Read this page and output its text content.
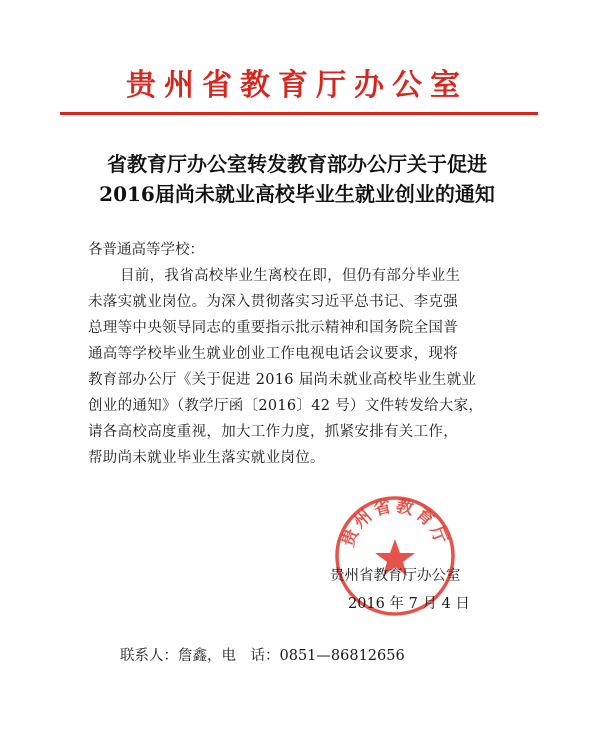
贵州省教育厅办公室
省教育厅办公室转发教育部办公厅关于促进
2016届尚未就业高校毕业生就业创业的通知
各普通高等学校：
目前，我省高校毕业生离校在即，但仍有部分毕业生
未落实就业岗位。为深入贯彻落实习近平总书记、李克强
总理等中央领导同志的重要指示批示精神和国务院全国普
通高等学校毕业生就业创业工作电视电话会议要求，现将
教育部办公厅《关于促进 2016 届尚未就业高校毕业生就业
创业的通知》（教学厅函〔2016〕42 号）文件转发给大家，
请各高校高度重视，加大工作力度，抓紧安排有关工作，
帮助尚未就业毕业生落实就业岗位。
贵州省教育厅
贵州省教育厅办公室
2016 年 7 月 4 日
联系人：詹鑫，电　话：0851—86812656
